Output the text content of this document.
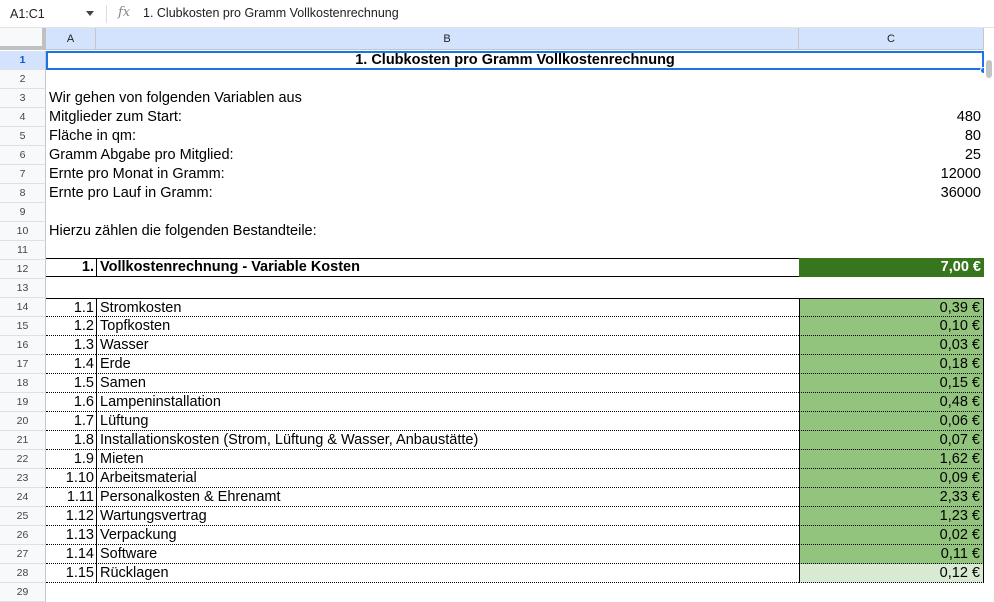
A1:C1	fx 1. Clubkosten pro Gramm Vollkostenrechnung
A	B	C
1
2
3
4
5
6
7
8
9
10
11
12
13
14
15
16
17
18
19
20
21
22
23
24
25
26
27
28
29
1. Clubkosten pro Gramm Vollkostenrechnung
Wir gehen von folgenden Variablen aus
Mitglieder zum Start:	480
Fläche in qm:	80
Gramm Abgabe pro Mitglied:	25
Ernte pro Monat in Gramm:	12000
Ernte pro Lauf in Gramm:	36000
Hierzu zählen die folgenden Bestandteile:
1. Vollkostenrechnung - Variable Kosten	7,00 €
1.1 Stromkosten	0,39 €
1.2 Topfkosten	0,10 €
1.3 Wasser	0,03 €
1.4 Erde	0,18 €
1.5 Samen	0,15 €
1.6 Lampeninstallation	0,48 €
1.7 Lüftung	0,06 €
1.8 Installationskosten (Strom, Lüftung & Wasser, Anbaustätte)	0,07 €
1.9 Mieten	1,62 €
1.10 Arbeitsmaterial	0,09 €
1.11 Personalkosten & Ehrenamt	2,33 €
1.12 Wartungsvertrag	1,23 €
1.13 Verpackung	0,02 €
1.14 Software	0,11 €
1.15 Rücklagen	0,12 €
